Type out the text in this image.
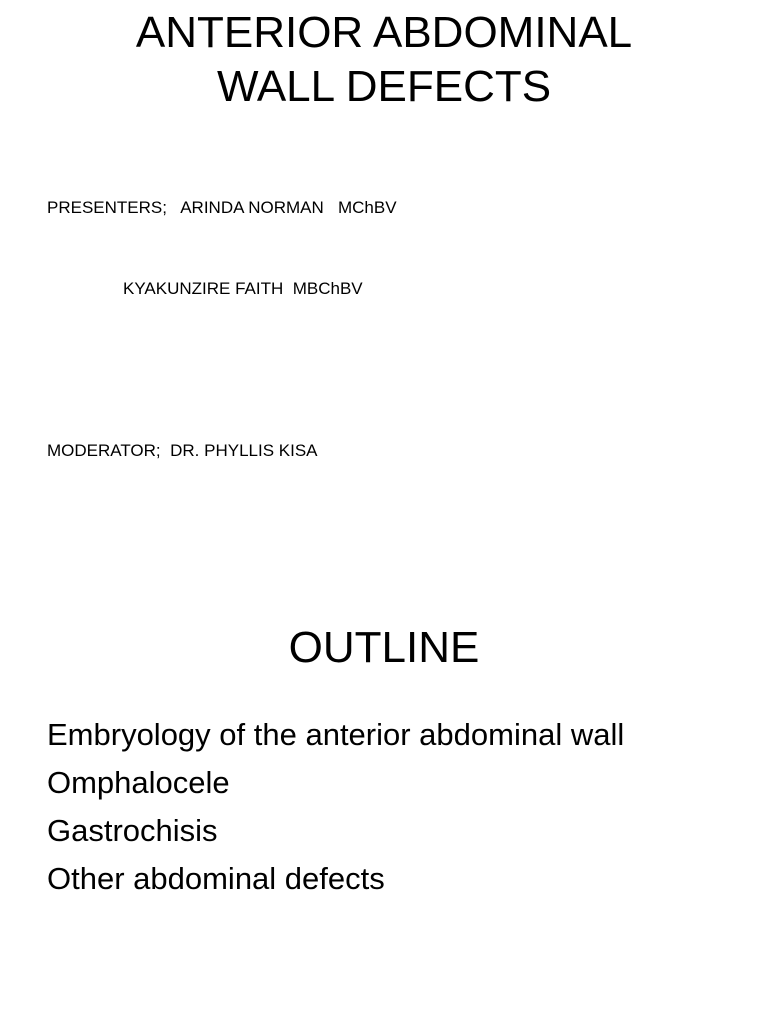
ANTERIOR ABDOMINAL
WALL DEFECTS

PRESENTERS; ARINDA NORMAN   MChBV

KYAKUNZIRE FAITH  MBChBV

MODERATOR; DR. PHYLLIS KISA

OUTLINE
Embryology of the anterior abdominal wall
Omphalocele
Gastrochisis
Other abdominal defects
